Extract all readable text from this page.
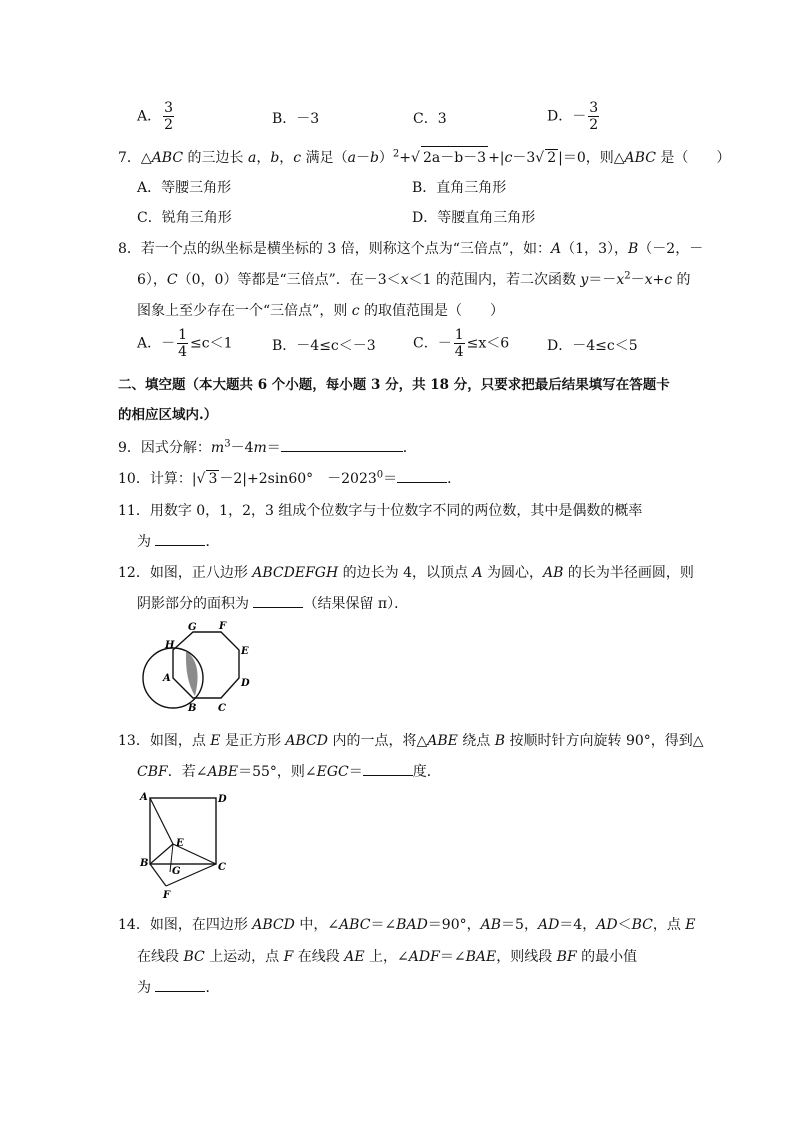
A． $\frac{3}{2}$	B．－3	C．3	D．－ $\frac{3}{2}$
7．△ABC 的三边长 a，b，c 满足$(a-b)^2+√$ 2a－b－3 +|c－3√ 2 |＝0，则△ABC 是（　　）
A．等腰三角形	B．直角三角形
C．锐角三角形	D．等腰直角三角形
8．若一个点的纵坐标是横坐标的 3 倍，则称这个点为“三倍点”，如：A（1，3），B（－2，－
6），C（0，0）等都是“三倍点”．在－3＜x＜1 的范围内，若二次函数 $y=-x^2-x+c$ 的
图象上至少存在一个“三倍点”，则 c 的取值范围是（　　）
A．－ $\frac{1}{4} \le c<1$	B．－4≤c＜－3	C．－ $\frac{1}{4} \le x<6$	D．－4≤c＜5
二、填空题（本大题共 6 个小题，每小题 3 分，共 18 分，只要求把最后结果填写在答题卡
的相应区域内.）
9．因式分解：$m^3-4m=$	．
10．计算：|√ 3 －2|+2sin60°　$-2023^0=$	．
11．用数字 0，1，2，3 组成个位数字与十位数字不同的两位数，其中是偶数的概率
为	．
12．如图，正八边形 ABCDEFGH 的边长为 4，以顶点 A 为圆心，AB 的长为半径画圆，则
阴影部分的面积为	（结果保留 π）．
G F
H
E
D
A
B C
13．如图，点 E 是正方形 ABCD 内的一点，将△ABE 绕点 B 按顺时针方向旋转 90°，得到△
CBF．若∠ABE＝55°，则∠EGC＝	度．
A	D
E
B	C
G
F
14．如图，在四边形 ABCD 中，∠ABC＝∠BAD＝90°，AB＝5，AD＝4，AD＜BC，点 E
在线段 BC 上运动，点 F 在线段 AE 上，∠ADF＝∠BAE，则线段 BF 的最小值
为	．
